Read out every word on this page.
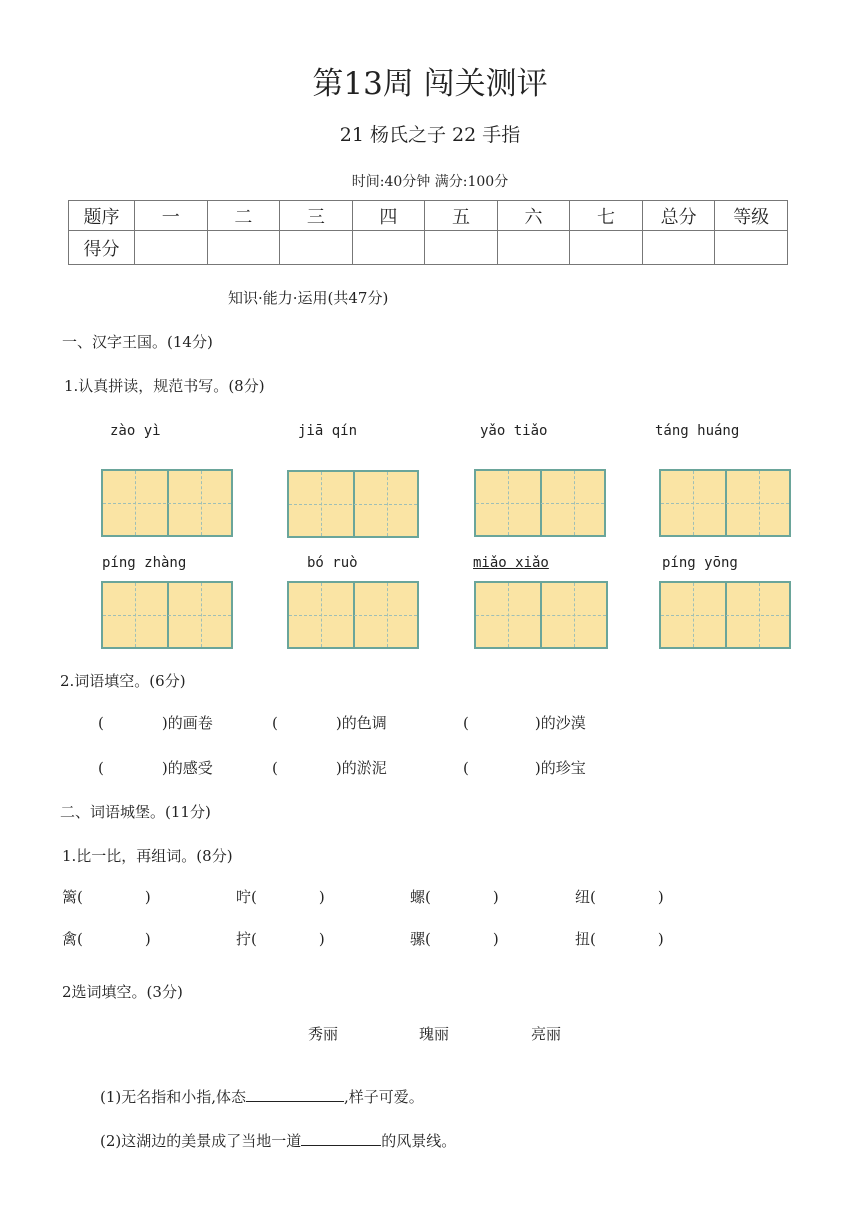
第13周 闯关测评
21 杨氏之子 22 手指
时间:40分钟 满分:100分
题序	一	二	三	四	五	六	七	总分	等级
得分									
知识·能力·运用(共47分)
一、汉字王国。(14分)
1.认真拼读，规范书写。(8分)
zào yì	jiā qín	yǎo tiǎo	táng huáng
píng zhàng	bó ruò	miǎo xiǎo	píng yōng
2.词语填空。(6分)
(	)的画卷	(	)的色调	(	)的沙漠
(	)的感受	(	)的淤泥	(	)的珍宝
二、词语城堡。(11分)
1.比一比，再组词。(8分)
篱(	)	咛(	)	螺(	)	纽(	)
禽(	)	拧(	)	骡(	)	扭(	)
2选词填空。(3分)
秀丽	瑰丽	亮丽
(1)无名指和小指,体态	,样子可爱。
(2)这湖边的美景成了当地一道	的风景线。
